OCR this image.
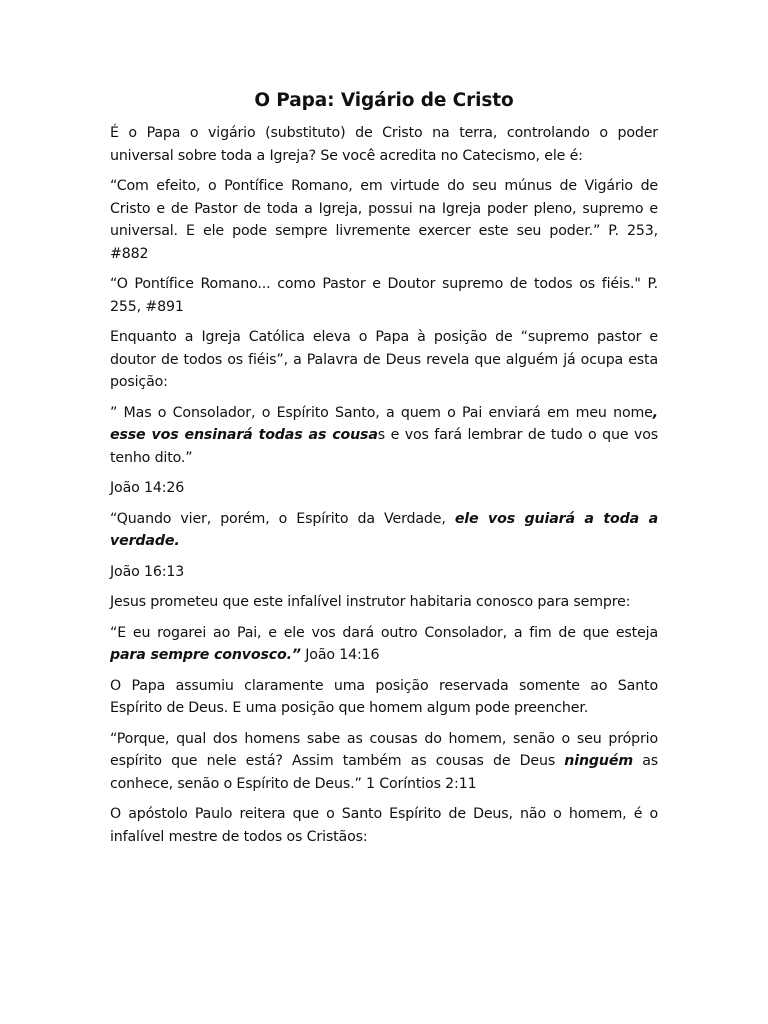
O Papa: Vigário de Cristo

É o Papa o vigário (substituto) de Cristo na terra, controlando o poder universal sobre toda a Igreja? Se você acredita no Catecismo, ele é:

“Com efeito, o Pontífice Romano, em virtude do seu múnus de Vigário de Cristo e de Pastor de toda a Igreja, possui na Igreja poder pleno, supremo e universal. E ele pode sempre livremente exercer este seu poder.” P. 253, #882

“O Pontífice Romano... como Pastor e Doutor supremo de todos os fiéis." P. 255, #891

Enquanto a Igreja Católica eleva o Papa à posição de “supremo pastor e doutor de todos os fiéis”, a Palavra de Deus revela que alguém já ocupa esta posição:

” Mas o Consolador, o Espírito Santo, a quem o Pai enviará em meu nome, esse vos ensinará todas as cousas e vos fará lembrar de tudo o que vos tenho dito.”

João 14:26

“Quando vier, porém, o Espírito da Verdade, ele vos guiará a toda a verdade.

João 16:13

Jesus prometeu que este infalível instrutor habitaria conosco para sempre:

“E eu rogarei ao Pai, e ele vos dará outro Consolador, a fim de que esteja para sempre convosco.” João 14:16

O Papa assumiu claramente uma posição reservada somente ao Santo Espírito de Deus. E uma posição que homem algum pode preencher.

“Porque, qual dos homens sabe as cousas do homem, senão o seu próprio espírito que nele está? Assim também as cousas de Deus ninguém as conhece, senão o Espírito de Deus.” 1 Coríntios 2:11

O apóstolo Paulo reitera que o Santo Espírito de Deus, não o homem, é o infalível mestre de todos os Cristãos:
